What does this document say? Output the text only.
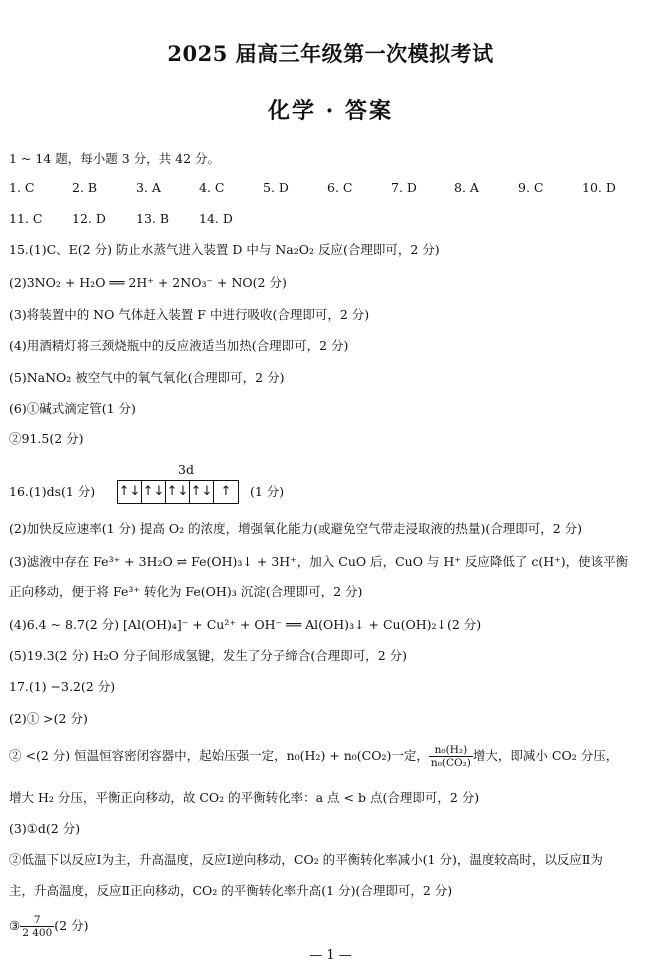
2025 届高三年级第一次模拟考试
化学 · 答案
1 ~ 14 题，每小题 3 分，共 42 分。
1. C	2. B	3. A	4. C	5. D	6. C	7. D	8. A	9. C	10. D
11. C 12. D 13. B 14. D
15.(1)C、E(2 分) 防止水蒸气进入装置 D 中与 Na₂O₂ 反应(合理即可，2 分)
(2)3NO₂ + H₂O ══ 2H⁺ + 2NO₃⁻ + NO(2 分)
(3)将装置中的 NO 气体赶入装置 F 中进行吸收(合理即可，2 分)
(4)用酒精灯将三颈烧瓶中的反应液适当加热(合理即可，2 分)
(5)NaNO₂ 被空气中的氧气氧化(合理即可，2 分)
(6)①碱式滴定管(1 分)
②91.5(2 分)
3d
16.(1)ds(1 分) ↑↓ ↑↓ ↑↓ ↑↓ ↑	(1 分)
(2)加快反应速率(1 分) 提高 O₂ 的浓度，增强氧化能力(或避免空气带走浸取液的热量)(合理即可，2 分)
(3)滤液中存在 Fe³⁺ + 3H₂O ⇌ Fe(OH)₃↓ + 3H⁺，加入 CuO 后，CuO 与 H⁺ 反应降低了 c(H⁺)，使该平衡
正向移动，便于将 Fe³⁺ 转化为 Fe(OH)₃ 沉淀(合理即可，2 分)
(4)6.4 ~ 8.7(2 分) [Al(OH)₄]⁻ + Cu²⁺ + OH⁻ ══ Al(OH)₃↓ + Cu(OH)₂↓(2 分)
(5)19.3(2 分) H₂O 分子间形成氢键，发生了分子缔合(合理即可，2 分)
17.(1) −3.2(2 分)
(2)① >(2 分)
② <(2 分) 恒温恒容密闭容器中，起始压强一定，n₀(H₂) + n₀(CO₂)一定， $\frac{\text{n₀(H₂)}}{\text{n₀(CO₂)}}$ 增大，即减小 CO₂ 分压，
增大 H₂ 分压，平衡正向移动，故 CO₂ 的平衡转化率：a 点 < b 点(合理即可，2 分)
(3)①d(2 分)
②低温下以反应Ⅰ为主，升高温度，反应Ⅰ逆向移动，CO₂ 的平衡转化率减小(1 分)，温度较高时，以反应Ⅱ为
主，升高温度，反应Ⅱ正向移动，CO₂ 的平衡转化率升高(1 分)(合理即可，2 分)
③ $\frac{7}{2 400} (2$ 分)
— 1 —
